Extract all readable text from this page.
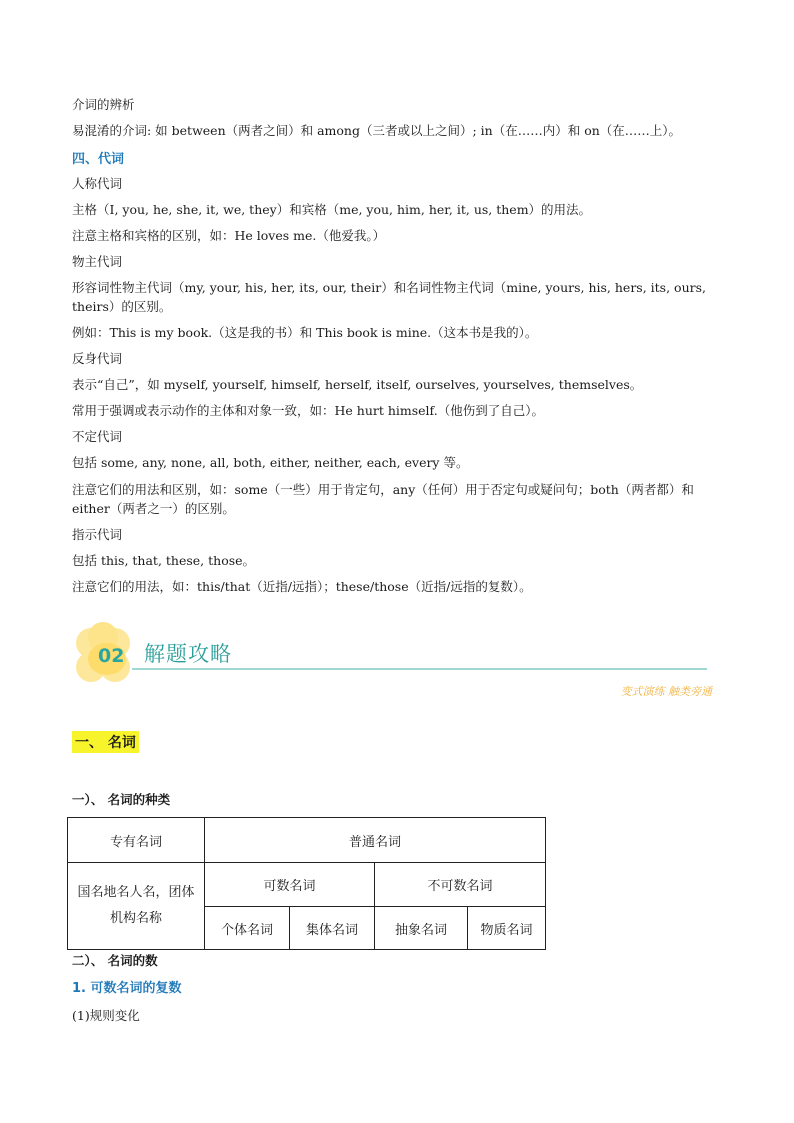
介词的辨析
易混淆的介词: 如 between（两者之间）和 among（三者或以上之间）; in（在……内）和 on（在……上）。
四、代词
人称代词
主格（I, you, he, she, it, we, they）和宾格（me, you, him, her, it, us, them）的用法。
注意主格和宾格的区别，如：He loves me.（他爱我。）
物主代词
形容词性物主代词（my, your, his, her, its, our, their）和名词性物主代词（mine, yours, his, hers, its, ours, theirs）的区别。
例如：This is my book.（这是我的书）和 This book is mine.（这本书是我的）。
反身代词
表示“自己”，如 myself, yourself, himself, herself, itself, ourselves, yourselves, themselves。
常用于强调或表示动作的主体和对象一致，如：He hurt himself.（他伤到了自己）。
不定代词
包括 some, any, none, all, both, either, neither, each, every 等。
注意它们的用法和区别，如：some（一些）用于肯定句，any（任何）用于否定句或疑问句；both（两者都）和 either（两者之一）的区别。
指示代词
包括 this, that, these, those。
注意它们的用法，如：this/that（近指/远指）；these/those（近指/远指的复数）。
02 解题攻略
变式演练 触类旁通
一、 名词
一）、 名词的种类
专有名词	普通名词			
国名地名人名，团体机构名称	可数名词		不可数名词	
	个体名词	集体名词	抽象名词	物质名词
二）、 名词的数
1. 可数名词的复数
(1)规则变化
